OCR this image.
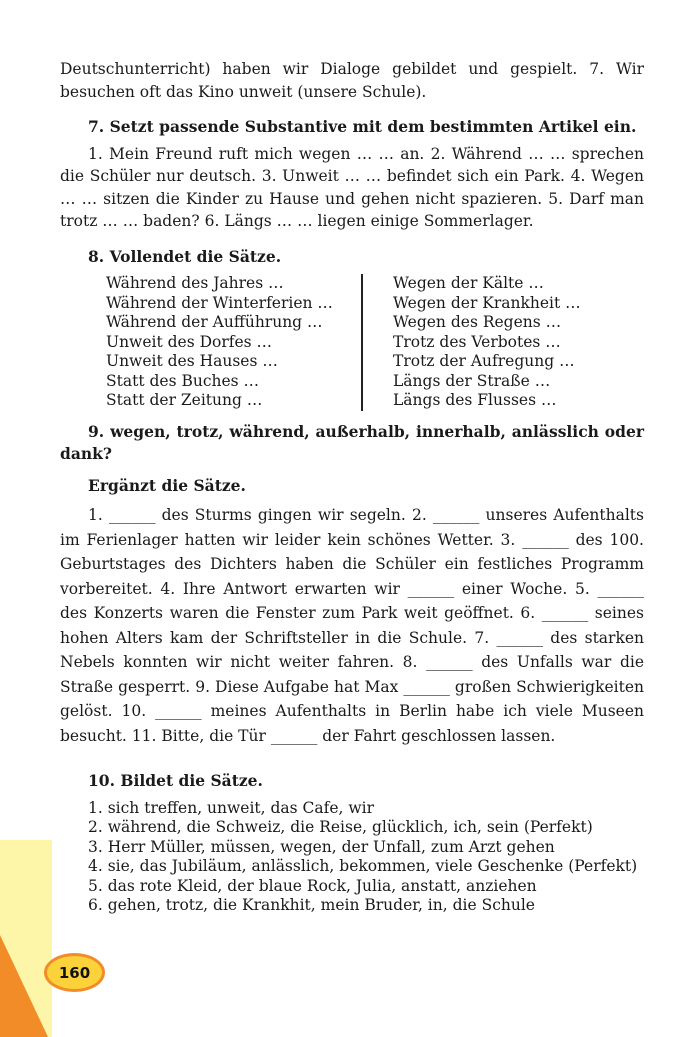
Deutschunterricht) haben wir Dialoge gebildet und gespielt. 7. Wir besuchen oft das Kino unweit (unsere Schule).

7. Setzt passende Substantive mit dem bestimmten Artikel ein.

1. Mein Freund ruft mich wegen … … an. 2. Während … … sprechen die Schüler nur deutsch. 3. Unweit … … befindet sich ein Park. 4. Wegen … … sitzen die Kinder zu Hause und gehen nicht spazieren. 5. Darf man trotz … … baden? 6. Längs … … liegen einige Sommerlager.

8. Vollendet die Sätze.

Während des Jahres …
Während der Winterferien …
Während der Aufführung …
Unweit des Dorfes …
Unweit des Hauses …
Statt des Buches …
Statt der Zeitung …
Wegen der Kälte …
Wegen der Krankheit …
Wegen des Regens …
Trotz des Verbotes …
Trotz der Aufregung …
Längs der Straße …
Längs des Flusses …

9. wegen, trotz, während, außerhalb, innerhalb, anlässlich oder dank?

Ergänzt die Sätze.

1. ______ des Sturms gingen wir segeln. 2. ______ unseres Aufenthalts im Ferienlager hatten wir leider kein schönes Wetter. 3. ______ des 100. Geburtstages des Dichters haben die Schüler ein festliches Programm vorbereitet. 4. Ihre Antwort erwarten wir ______ einer Woche. 5. ______ des Konzerts waren die Fenster zum Park weit geöffnet. 6. ______ seines hohen Alters kam der Schriftsteller in die Schule. 7. ______ des starken Nebels konnten wir nicht weiter fahren. 8. ______ des Unfalls war die Straße gesperrt. 9. Diese Aufgabe hat Max ______ großen Schwierigkeiten gelöst. 10. ______ meines Aufenthalts in Berlin habe ich viele Museen besucht. 11. Bitte, die Tür ______ der Fahrt geschlossen lassen.

10. Bildet die Sätze.

1. sich treffen, unweit, das Cafe, wir
2. während, die Schweiz, die Reise, glücklich, ich, sein (Perfekt)
3. Herr Müller, müssen, wegen, der Unfall, zum Arzt gehen
4. sie, das Jubiläum, anlässlich, bekommen, viele Geschenke (Perfekt)
5. das rote Kleid, der blaue Rock, Julia, anstatt, anziehen
6. gehen, trotz, die Krankhit, mein Bruder, in, die Schule
160
